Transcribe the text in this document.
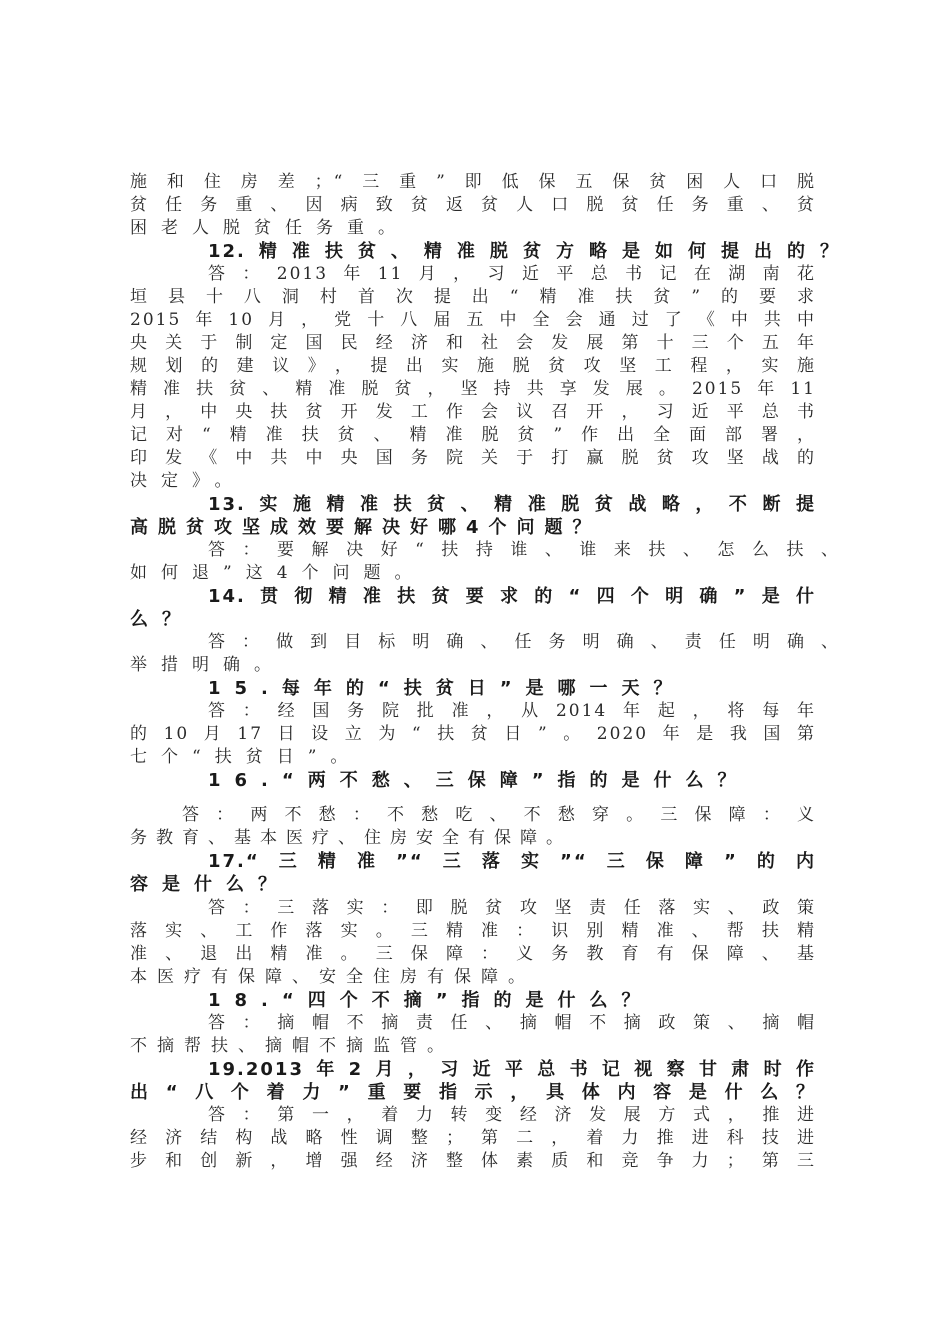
施和住房差；“三重”即低保五保贫困人口脱
贫任务重、因病致贫返贫人口脱贫任务重、贫
困老人脱贫任务重。
12.精准扶贫、精准脱贫方略是如何提出的？
答：2013年11月，习近平总书记在湖南花
垣县十八洞村首次提出“精准扶贫”的要求
2015年10月，党十八届五中全会通过了《中共中
央关于制定国民经济和社会发展第十三个五年
规划的建议》，提出实施脱贫攻坚工程，实施
精准扶贫、精准脱贫，坚持共享发展。2015年11
月，中央扶贫开发工作会议召开，习近平总书
记对“精准扶贫、精准脱贫”作出全面部署，
印发《中共中央国务院关于打赢脱贫攻坚战的
决定》。
13.实施精准扶贫、精准脱贫战略，不断提
高脱贫攻坚成效要解决好哪4个问题？
答：要解决好“扶持谁、谁来扶、怎么扶、
如何退”这4个问题。
14.贯彻精准扶贫要求的“四个明确”是什
么？
答：做到目标明确、任务明确、责任明确、
举措明确。
15.每年的“扶贫日”是哪一天？
答：经国务院批准，从2014年起，将每年
的10月17日设立为“扶贫日”。2020年是我国第
七个“扶贫日”。
16.“两不愁、三保障”指的是什么？
答：两不愁：不愁吃、不愁穿。三保障：义
务教育、基本医疗、住房安全有保障。
17.“三精准”“三落实”“三保障”的内
容是什么？
答：三落实：即脱贫攻坚责任落实、政策
落实、工作落实。三精准：识别精准、帮扶精
准、退出精准。三保障：义务教育有保障、基
本医疗有保障、安全住房有保障。
18.“四个不摘”指的是什么？
答：摘帽不摘责任、摘帽不摘政策、摘帽
不摘帮扶、摘帽不摘监管。
19.2013年2月，习近平总书记视察甘肃时作
出“八个着力”重要指示，具体内容是什么？
答：第一，着力转变经济发展方式，推进
经济结构战略性调整；第二，着力推进科技进
步和创新，增强经济整体素质和竞争力；第三
